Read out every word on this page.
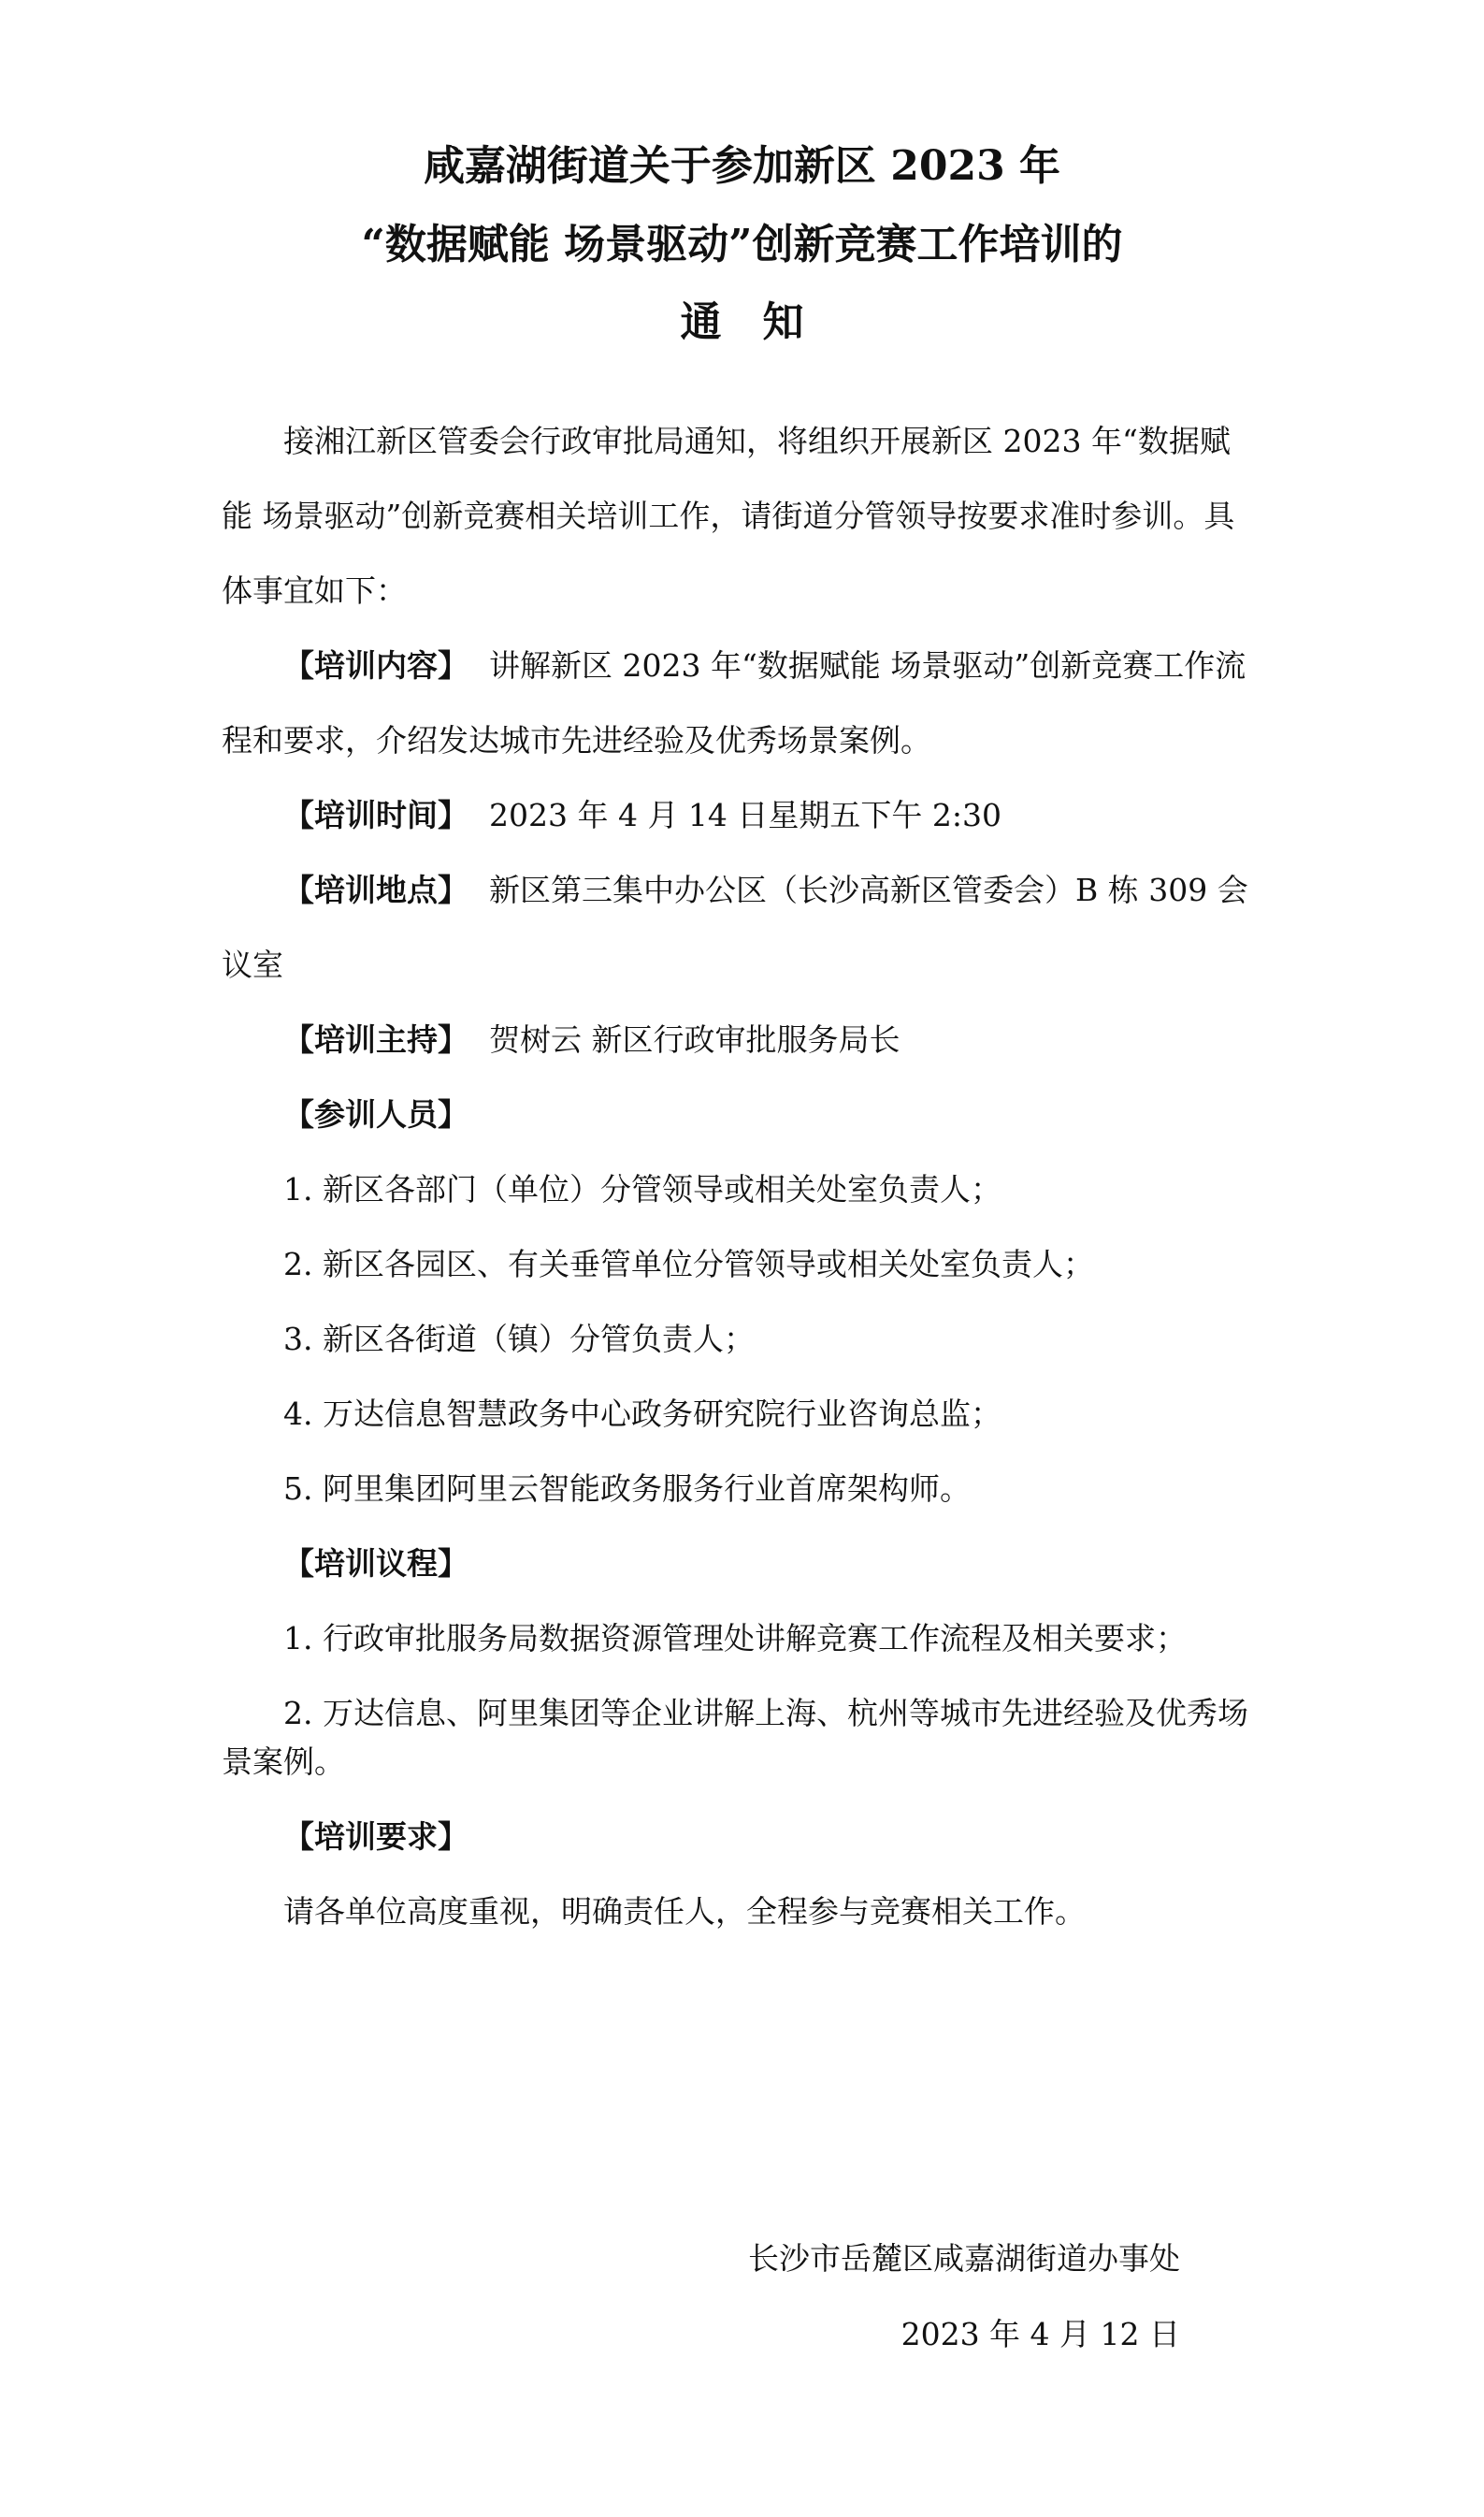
咸嘉湖街道关于参加新区 2023 年
“数据赋能 场景驱动”创新竞赛工作培训的
通知

接湘江新区管委会行政审批局通知，将组织开展新区 2023 年“数据赋能 场景驱动”创新竞赛相关培训工作，请街道分管领导按要求准时参训。具体事宜如下：

【培训内容】 讲解新区 2023 年“数据赋能 场景驱动”创新竞赛工作流程和要求，介绍发达城市先进经验及优秀场景案例。

【培训时间】 2023 年 4 月 14 日星期五下午 2:30

【培训地点】 新区第三集中办公区（长沙高新区管委会）B 栋 309 会议室

【培训主持】 贺树云 新区行政审批服务局长

【参训人员】

1. 新区各部门（单位）分管领导或相关处室负责人；

2. 新区各园区、有关垂管单位分管领导或相关处室负责人；

3. 新区各街道（镇）分管负责人；

4. 万达信息智慧政务中心政务研究院行业咨询总监；

5. 阿里集团阿里云智能政务服务行业首席架构师。

【培训议程】

1. 行政审批服务局数据资源管理处讲解竞赛工作流程及相关要求；

2. 万达信息、阿里集团等企业讲解上海、杭州等城市先进经验及优秀场景案例。

【培训要求】

请各单位高度重视，明确责任人，全程参与竞赛相关工作。

长沙市岳麓区咸嘉湖街道办事处
2023 年 4 月 12 日
